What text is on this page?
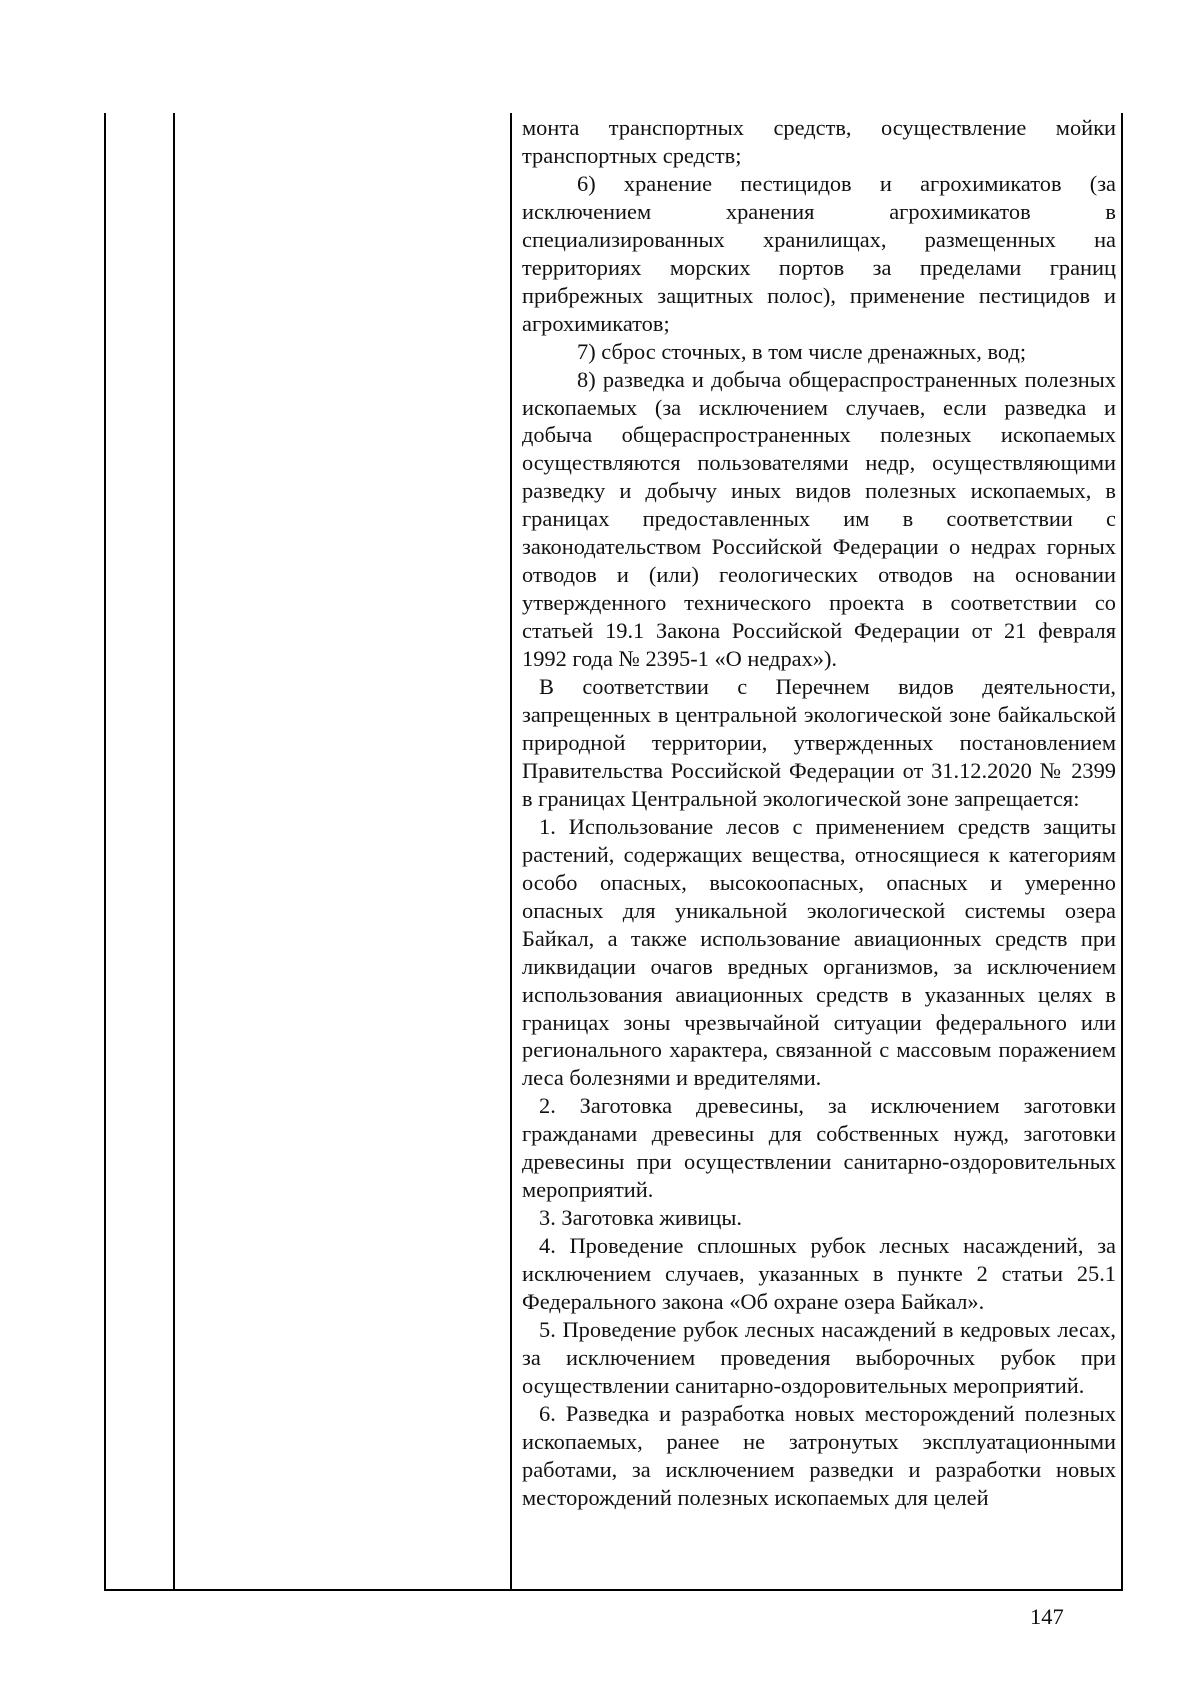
монта транспортных средств, осуществление мойки транспортных средств;

6) хранение пестицидов и агрохимикатов (за исключением хранения агрохимикатов в специализированных хранилищах, размещенных на территориях морских портов за пределами границ прибрежных защитных полос), применение пестицидов и агрохимикатов;

7) сброс сточных, в том числе дренажных, вод;

8) разведка и добыча общераспространенных полезных ископаемых (за исключением случаев, если разведка и добыча общераспространенных полезных ископаемых осуществляются пользователями недр, осуществляющими разведку и добычу иных видов полезных ископаемых, в границах предоставленных им в соответствии с законодательством Российской Федерации о недрах горных отводов и (или) геологических отводов на основании утвержденного технического проекта в соответствии со статьей 19.1 Закона Российской Федерации от 21 февраля 1992 года № 2395-1 «О недрах»).

В соответствии с Перечнем видов деятельности, запрещенных в центральной экологической зоне байкальской природной территории, утвержденных постановлением Правительства Российской Федерации от 31.12.2020 № 2399 в границах Центральной экологической зоне запрещается:

1. Использование лесов с применением средств защиты растений, содержащих вещества, относящиеся к категориям особо опасных, высокоопасных, опасных и умеренно опасных для уникальной экологической системы озера Байкал, а также использование авиационных средств при ликвидации очагов вредных организмов, за исключением использования авиационных средств в указанных целях в границах зоны чрезвычайной ситуации федерального или регионального характера, связанной с массовым поражением леса болезнями и вредителями.

2. Заготовка древесины, за исключением заготовки гражданами древесины для собственных нужд, заготовки древесины при осуществлении санитарно-оздоровительных мероприятий.

3. Заготовка живицы.

4. Проведение сплошных рубок лесных насаждений, за исключением случаев, указанных в пункте 2 статьи 25.1 Федерального закона «Об охране озера Байкал».

5. Проведение рубок лесных насаждений в кедровых лесах, за исключением проведения выборочных рубок при осуществлении санитарно-оздоровительных мероприятий.

6. Разведка и разработка новых месторождений полезных ископаемых, ранее не затронутых эксплуатационными работами, за исключением разведки и разработки новых месторождений полезных ископаемых для целей

147
